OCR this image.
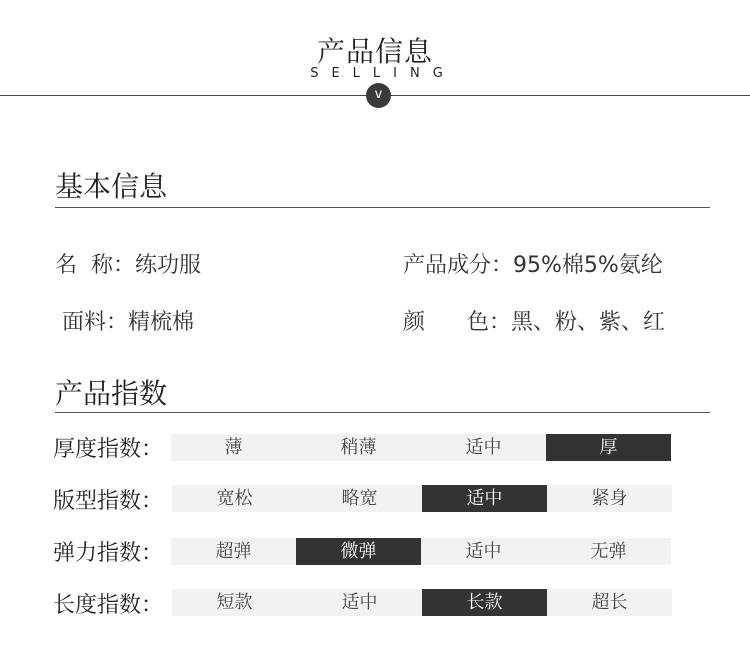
产品信息
SELLING
v
基本信息
名  称：练功服	产品成分：95%棉5%氨纶
面料：精梳棉	颜      色：黑、粉、紫、红
产品指数
厚度指数：	薄	稍薄	适中	厚
版型指数：	宽松	略宽	适中	紧身
弹力指数：	超弹	微弹	适中	无弹
长度指数：	短款	适中	长款	超长
